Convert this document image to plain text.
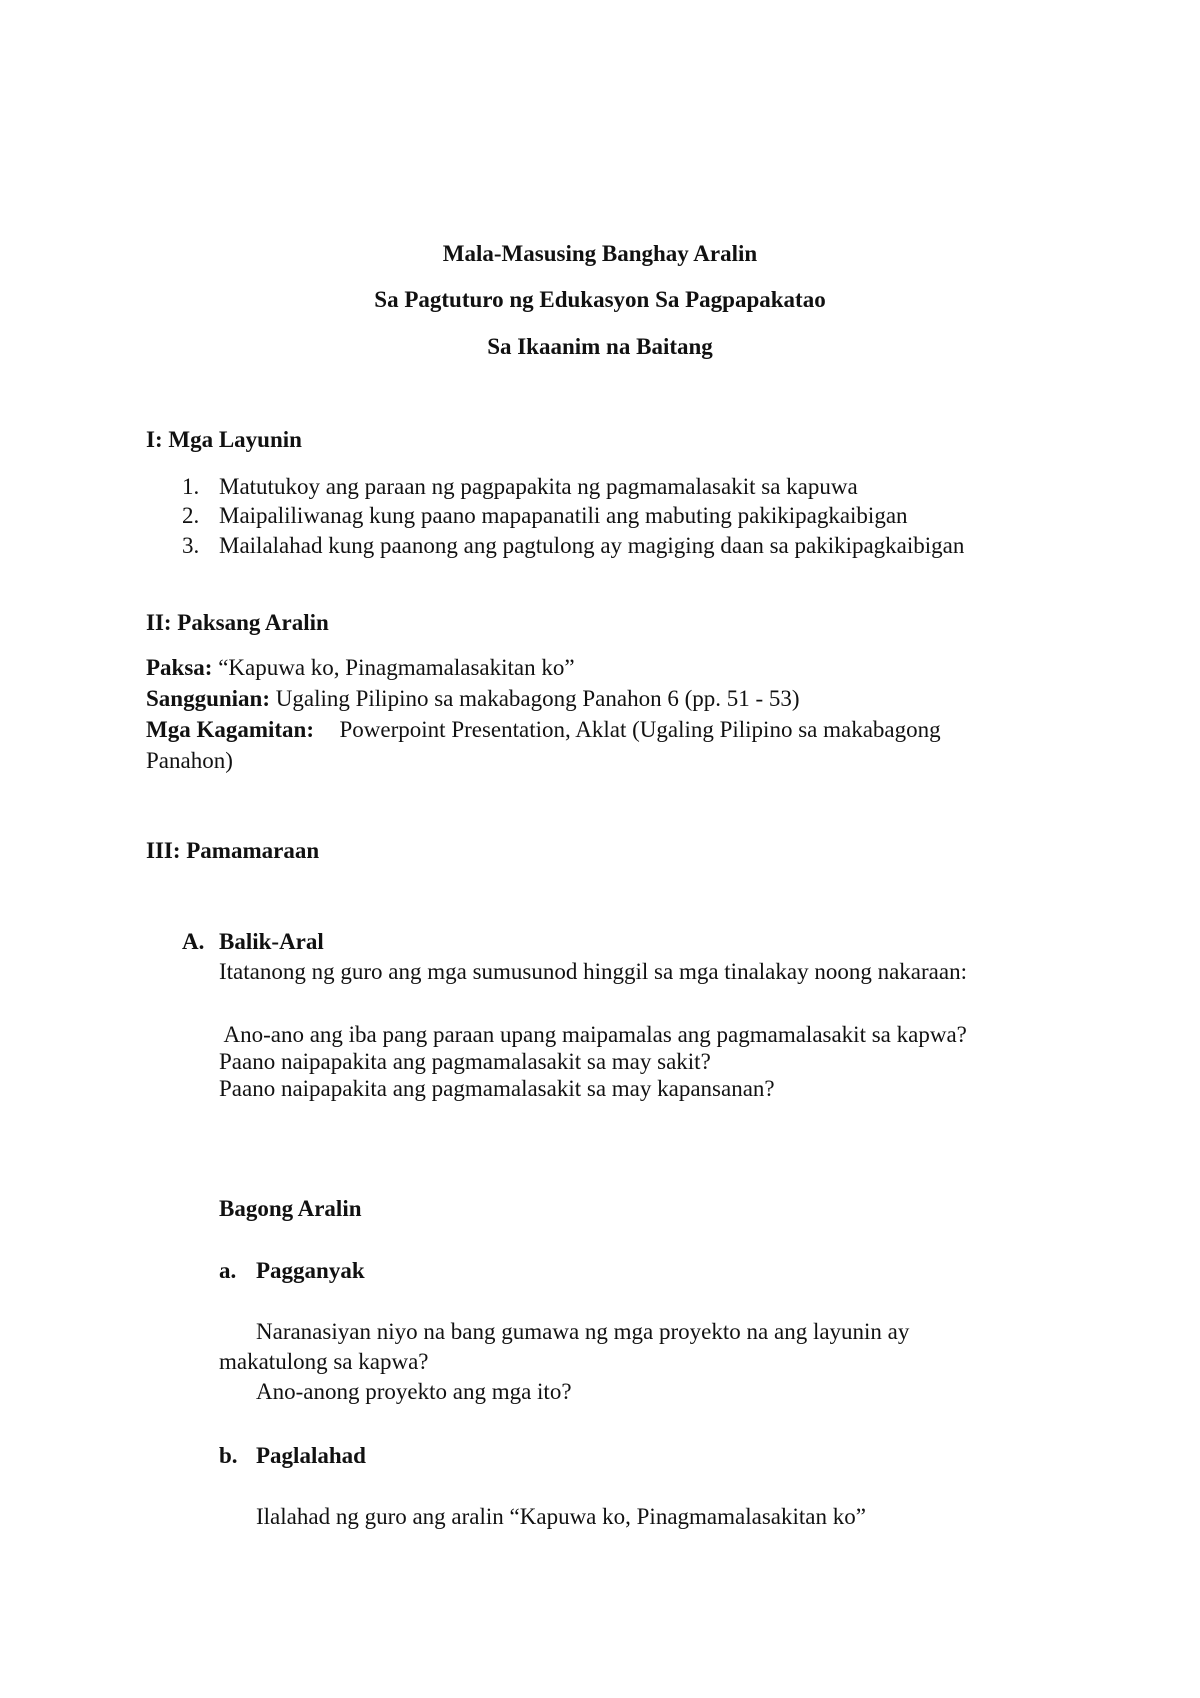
Mala-Masusing Banghay Aralin
Sa Pagtuturo ng Edukasyon Sa Pagpapakatao
Sa Ikaanim na Baitang
I: Mga Layunin
1. Matutukoy ang paraan ng pagpapakita ng pagmamalasakit sa kapuwa
2. Maipaliliwanag kung paano mapapanatili ang mabuting pakikipagkaibigan
3. Mailalahad kung paanong ang pagtulong ay magiging daan sa pakikipagkaibigan
II: Paksang Aralin
Paksa: “Kapuwa ko, Pinagmamalasakitan ko”
Sanggunian: Ugaling Pilipino sa makabagong Panahon 6 (pp. 51 - 53)
Mga Kagamitan: Powerpoint Presentation, Aklat (Ugaling Pilipino sa makabagong
Panahon)
III: Pamamaraan
A. Balik-Aral
Itatanong ng guro ang mga sumusunod hinggil sa mga tinalakay noong nakaraan:
Ano-ano ang iba pang paraan upang maipamalas ang pagmamalasakit sa kapwa?
Paano naipapakita ang pagmamalasakit sa may sakit?
Paano naipapakita ang pagmamalasakit sa may kapansanan?
Bagong Aralin
a. Pagganyak
Naranasiyan niyo na bang gumawa ng mga proyekto na ang layunin ay
makatulong sa kapwa?
Ano-anong proyekto ang mga ito?
b. Paglalahad
Ilalahad ng guro ang aralin “Kapuwa ko, Pinagmamalasakitan ko”
